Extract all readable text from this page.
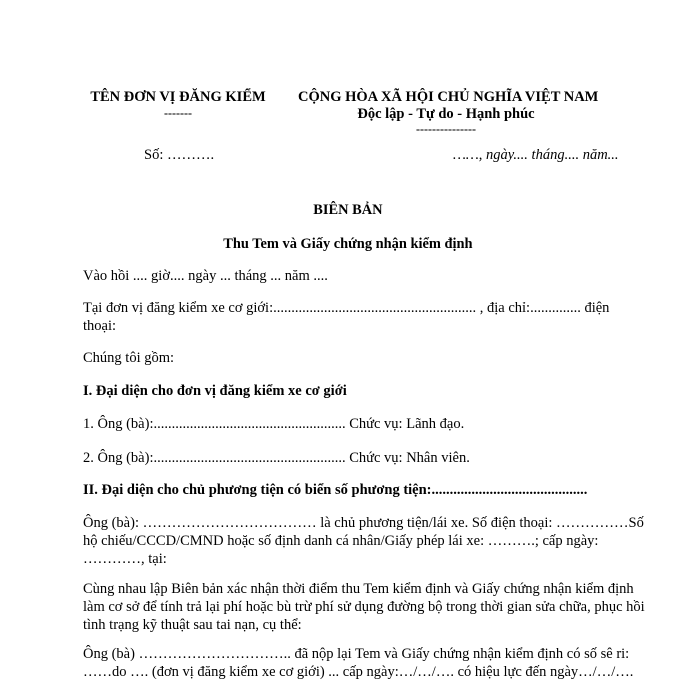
TÊN ĐƠN VỊ ĐĂNG KIỂM
-------
CỘNG HÒA XÃ HỘI CHỦ NGHĨA VIỆT NAM
Độc lập - Tự do - Hạnh phúc
---------------
Số: ……….	……, ngày.... tháng.... năm...
BIÊN BẢN
Thu Tem và Giấy chứng nhận kiểm định
Vào hồi .... giờ.... ngày ... tháng ... năm ....
Tại đơn vị đăng kiểm xe cơ giới:........................................................ , địa chỉ:.............. điện
thoại:
Chúng tôi gồm:
I. Đại diện cho đơn vị đăng kiểm xe cơ giới
1. Ông (bà):..................................................... Chức vụ: Lãnh đạo.
2. Ông (bà):..................................................... Chức vụ: Nhân viên.
II. Đại diện cho chủ phương tiện có biển số phương tiện:...........................................
Ông (bà): ……………………………… là chủ phương tiện/lái xe. Số điện thoại: ……………Số
hộ chiếu/CCCD/CMND hoặc số định danh cá nhân/Giấy phép lái xe: ……….; cấp ngày:
…………, tại:
Cùng nhau lập Biên bản xác nhận thời điểm thu Tem kiểm định và Giấy chứng nhận kiểm định
làm cơ sở để tính trả lại phí hoặc bù trừ phí sử dụng đường bộ trong thời gian sửa chữa, phục hồi
tình trạng kỹ thuật sau tai nạn, cụ thể:
Ông (bà) ………………………….. đã nộp lại Tem và Giấy chứng nhận kiểm định có số sê ri:
……do …. (đơn vị đăng kiểm xe cơ giới) ... cấp ngày:…/…/…. có hiệu lực đến ngày…/…/….
